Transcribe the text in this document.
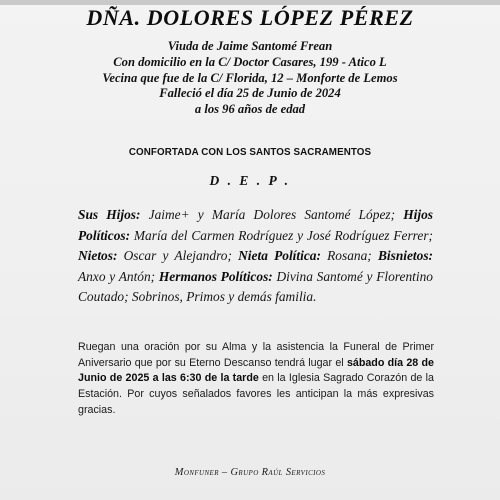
DÑA. DOLORES LÓPEZ PÉREZ
Viuda de Jaime Santomé Frean
Con domicilio en la C/ Doctor Casares, 199 - Atico L
Vecina que fue de la C/ Florida, 12 – Monforte de Lemos
Falleció el día 25 de Junio de 2024
a los 96 años de edad
CONFORTADA CON LOS SANTOS SACRAMENTOS
D . E . P .
Sus Hijos: Jaime+ y María Dolores Santomé López; Hijos Políticos: María del Carmen Rodríguez y José Rodríguez Ferrer; Nietos: Oscar y Alejandro; Nieta Política: Rosana; Bisnietos: Anxo y Antón; Hermanos Políticos: Divina Santomé y Florentino Coutado; Sobrinos, Primos y demás familia.
Ruegan una oración por su Alma y la asistencia la Funeral de Primer Aniversario que por su Eterno Descanso tendrá lugar el sábado día 28 de Junio de 2025 a las 6:30 de la tarde en la Iglesia Sagrado Corazón de la Estación. Por cuyos señalados favores les anticipan la más expresivas gracias.
Monfuner – Grupo Raúl Servicios
